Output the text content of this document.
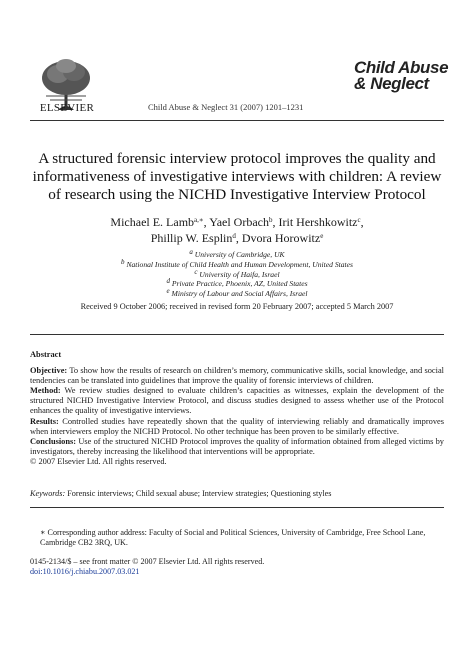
ELSEVIER	Child Abuse & Neglect 31 (2007) 1201–1231
Child Abuse
& Neglect
A structured forensic interview protocol improves the quality and informativeness of investigative interviews with children: A review of research using the NICHD Investigative Interview Protocol
Michael E. Lamb$^{a,∗}$, Yael Orbach$^b$, Irit Hershkowitz$^c$,
Phillip W. Esplin$^d$, Dvora Horowitz$^e$
$^a$ University of Cambridge, UK
$^b$ National Institute of Child Health and Human Development, United States
$^c$ University of Haifa, Israel
$^d$ Private Practice, Phoenix, AZ, United States
$^e$ Ministry of Labour and Social Affairs, Israel
Received 9 October 2006; received in revised form 20 February 2007; accepted 5 March 2007
Abstract

Objective: To show how the results of research on children’s memory, communicative skills, social knowledge, and social tendencies can be translated into guidelines that improve the quality of forensic interviews of children.

Method: We review studies designed to evaluate children’s capacities as witnesses, explain the development of the structured NICHD Investigative Interview Protocol, and discuss studies designed to assess whether use of the Protocol enhances the quality of investigative interviews.

Results: Controlled studies have repeatedly shown that the quality of interviewing reliably and dramatically improves when interviewers employ the NICHD Protocol. No other technique has been proven to be similarly effective.

Conclusions: Use of the structured NICHD Protocol improves the quality of information obtained from alleged victims by investigators, thereby increasing the likelihood that interventions will be appropriate.

© 2007 Elsevier Ltd. All rights reserved.

Keywords: Forensic interviews; Child sexual abuse; Interview strategies; Questioning styles
∗ Corresponding author address: Faculty of Social and Political Sciences, University of Cambridge, Free School Lane, Cambridge CB2 3RQ, UK.
0145-2134/$ – see front matter © 2007 Elsevier Ltd. All rights reserved.
doi:10.1016/j.chiabu.2007.03.021
